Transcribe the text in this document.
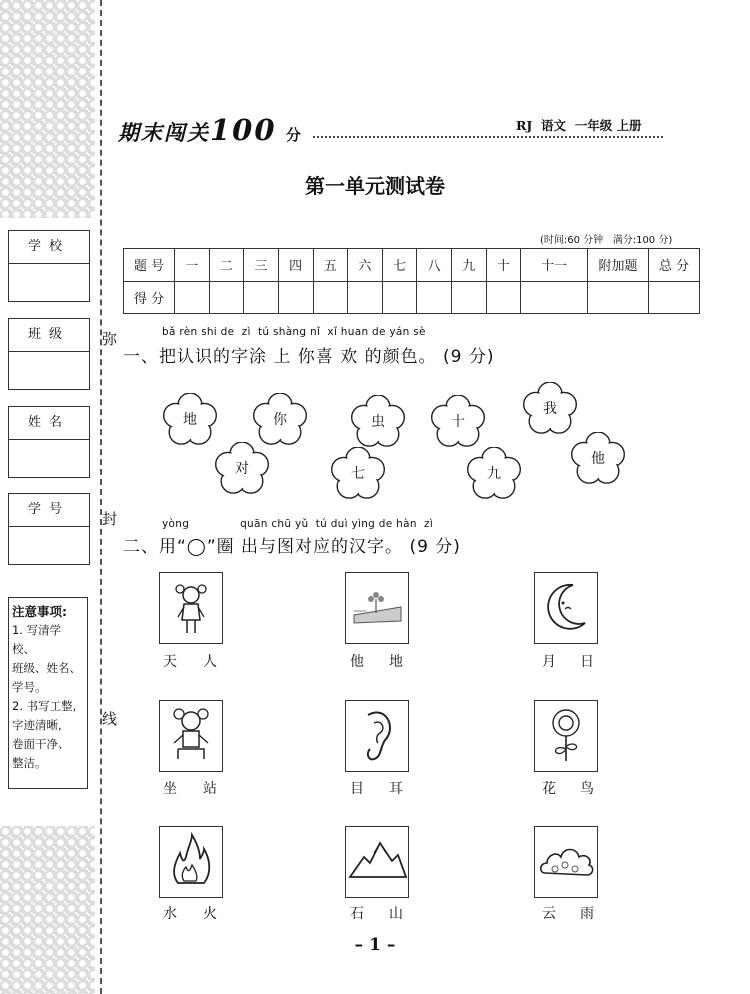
学校
班级
姓名
学号
注意事项:
1. 写清学校、
班级、姓名、
学号。
2. 书写工整,
字迹清晰,
卷面干净、
整洁。
弥
封
线
期末闯关100 分
RJ  语文  一年级 上册
第一单元测试卷
(时间:60 分钟   满分:100 分)
题 号	一	二	三	四	五	六	七	八	九	十	十一	附加题	总 分
得 分													
bǎ rèn shi de  zì  tú shàng nǐ  xǐ huan de yán sè
一、把认识的字涂 上 你喜 欢 的颜色。 (9 分)
地	你	虫	十
我
对	七	九
他
yòng              quān chū yǔ  tú duì yìng de hàn  zì
二、用“◯”圈 出与图对应的汉字。 (9 分)
天 人	他 地	月 日
坐 站	目 耳	花 鸟
水 火	石 山	云 雨
– 1 –
